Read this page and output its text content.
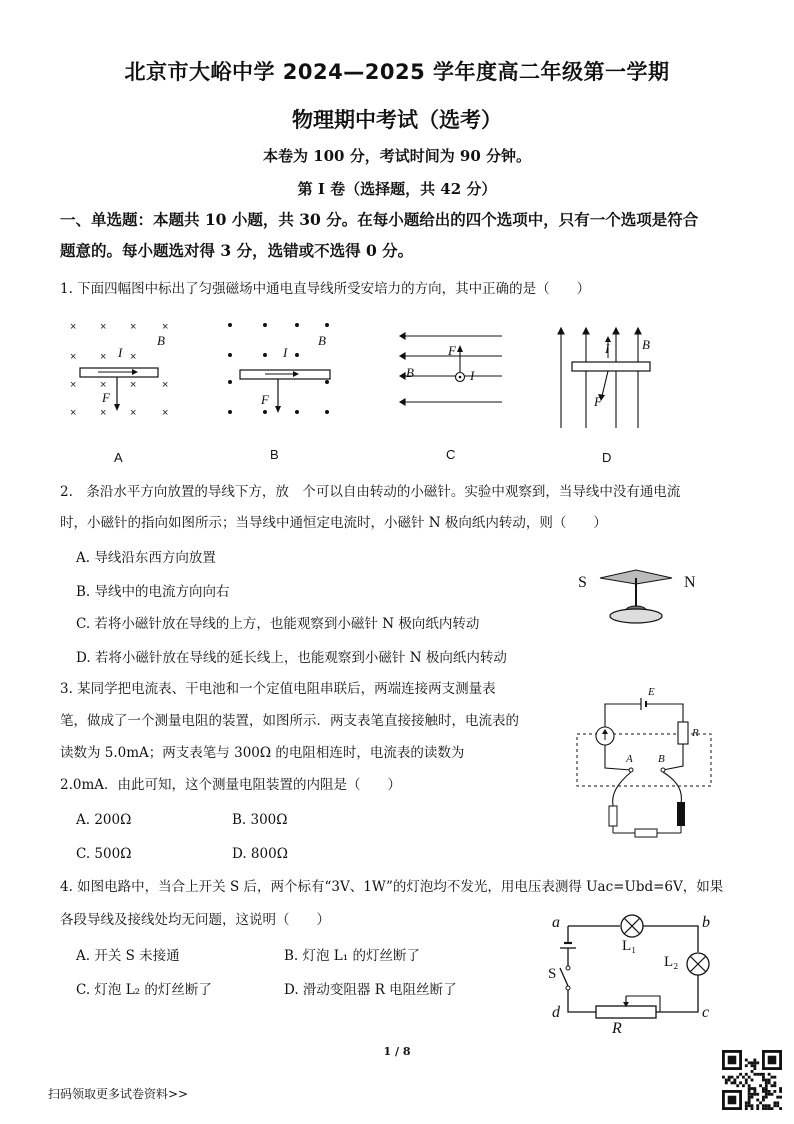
北京市大峪中学 2024—2025 学年度高二年级第一学期
物理期中考试（选考）
本卷为 100 分，考试时间为 90 分钟。
第 I 卷（选择题，共 42 分）
一、单选题：本题共 10 小题，共 30 分。在每小题给出的四个选项中，只有一个选项是符合
题意的。每小题选对得 3 分，选错或不选得 0 分。
1. 下面四幅图中标出了匀强磁场中通电直导线所受安培力的方向，其中正确的是（　　）
× × × ×
× × ×
× × × ×
× × × ×
I
B
F
I
B
F
F
I
B
I	B
F
A	B	C	D
2.　条沿水平方向放置的导线下方，放　个可以自由转动的小磁针。实验中观察到，当导线中没有通电流
时，小磁针的指向如图所示；当导线中通恒定电流时，小磁针 N 极向纸内转动，则（　　）
A. 导线沿东西方向放置
B. 导线中的电流方向向右
C. 若将小磁针放在导线的上方，也能观察到小磁针 N 极向纸内转动
D. 若将小磁针放在导线的延长线上，也能观察到小磁针 N 极向纸内转动
S	N
3. 某同学把电流表、干电池和一个定值电阻串联后，两端连接两支测量表
笔，做成了一个测量电阻的装置，如图所示．两支表笔直接接触时，电流表的
读数为 5.0mA；两支表笔与 300Ω 的电阻相连时，电流表的读数为
2.0mA．由此可知，这个测量电阻装置的内阻是（　　）
A. 200Ω	B. 300Ω
C. 500Ω	D. 800Ω
E
R
A B
4. 如图电路中，当合上开关 S 后，两个标有“3V、1W”的灯泡均不发光，用电压表测得 Uac=Ubd=6V，如果
各段导线及接线处均无问题，这说明（　　）
A. 开关 S 未接通	B. 灯泡 L₁ 的灯丝断了
C. 灯泡 L₂ 的灯丝断了	D. 滑动变阻器 R 电阻丝断了
a	b
c
d
L₁
L₂
S
R
1 / 8
扫码领取更多试卷资料>>
